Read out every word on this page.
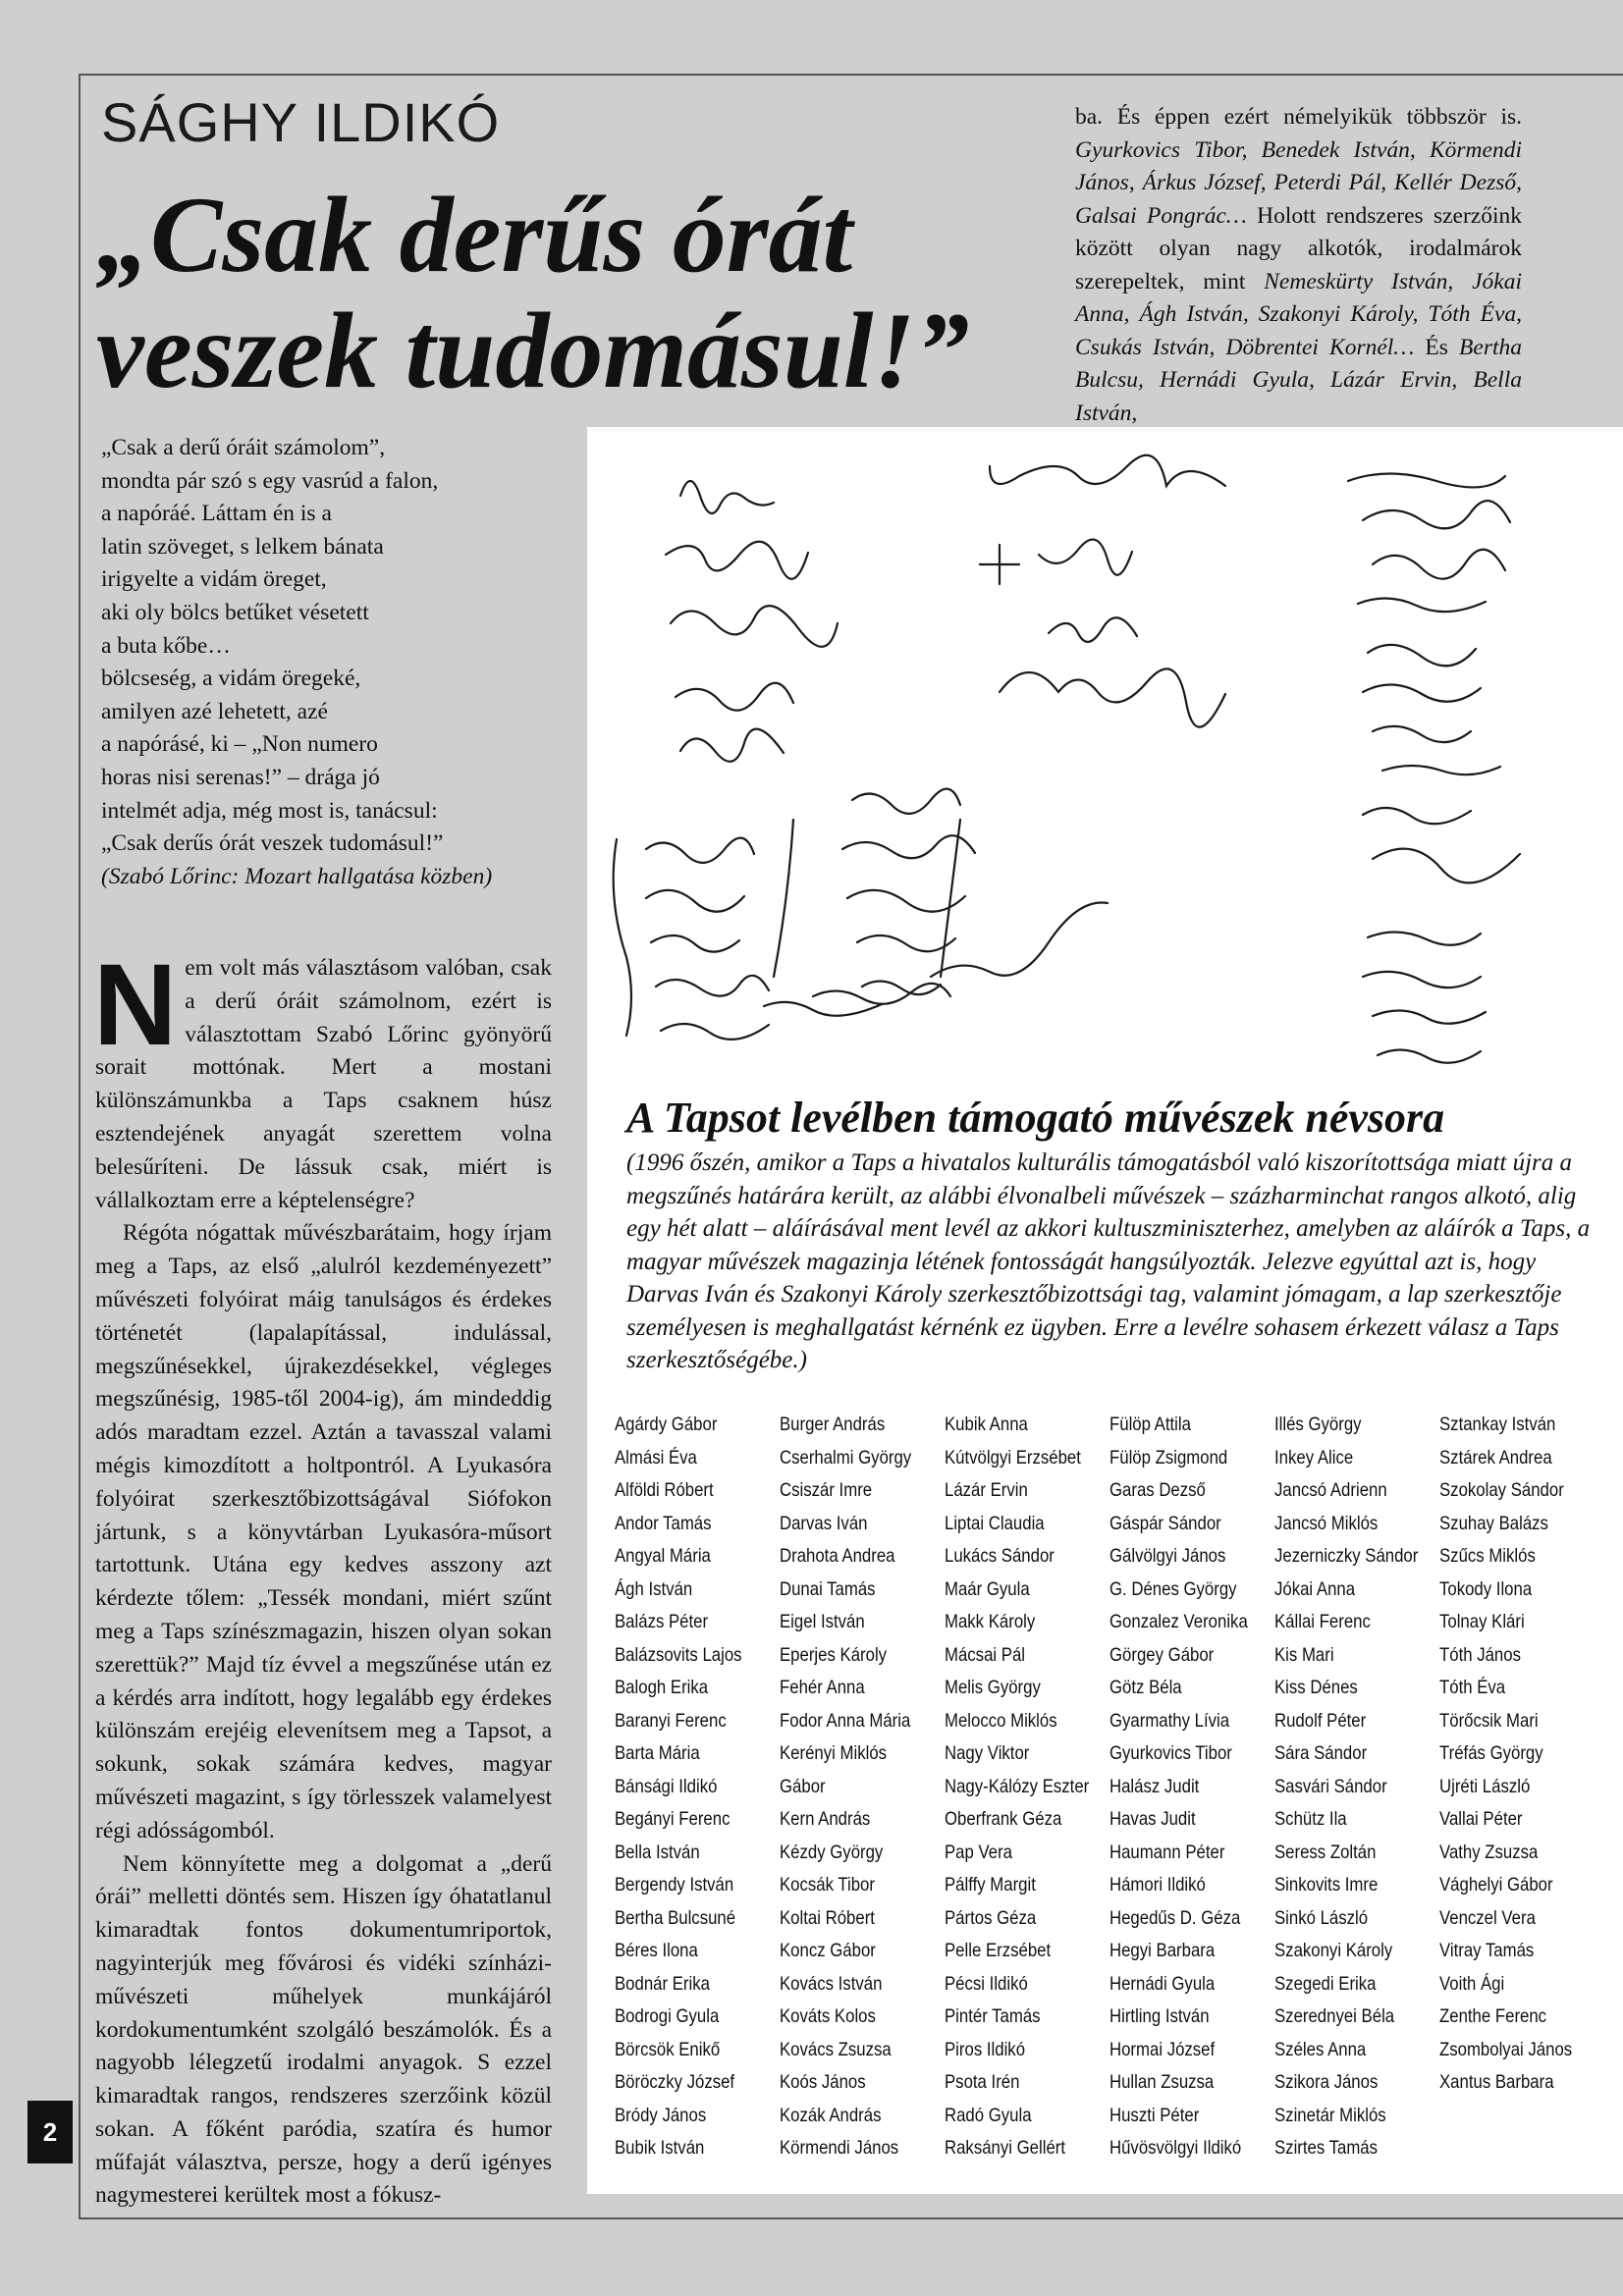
SÁGHY ILDIKÓ
„Csak derűs órát
veszek tudomásul!”
ba. És éppen ezért némelyikük többször is. Gyurkovics Tibor, Benedek István, Körmendi János, Árkus József, Peterdi Pál, Kellér Dezső, Galsai Pongrác… Holott rendszeres szerzőink között olyan nagy alkotók, irodalmárok szerepeltek, mint Nemeskürty István, Jókai Anna, Ágh István, Szakonyi Károly, Tóth Éva, Csukás István, Döbrentei Kornél… És Bertha Bulcsu, Hernádi Gyula, Lázár Ervin, Bella István,
„Csak a derű óráit számolom”,
mondta pár szó s egy vasrúd a falon,
a napóráé. Láttam én is a
latin szöveget, s lelkem bánata
irigyelte a vidám öreget,
aki oly bölcs betűket vésetett
a buta kőbe…
bölcseség, a vidám öregeké,
amilyen azé lehetett, azé
a napórásé, ki – „Non numero
horas nisi serenas!” – drága jó
intelmét adja, még most is, tanácsul:
„Csak derűs órát veszek tudomásul!”
(Szabó Lőrinc: Mozart hallgatása közben)

Nem volt más választásom valóban, csak a derű óráit számolnom, ezért is választottam Szabó Lőrinc gyönyörű sorait mottónak. Mert a mostani különszámunkba a Taps csaknem húsz esztendejének anyagát szerettem volna belesűríteni. De lássuk csak, miért is vállalkoztam erre a képtelenségre?

Régóta nógattak művészbarátaim, hogy írjam meg a Taps, az első „alulról kezdeményezett” művészeti folyóirat máig tanulságos és érdekes történetét (lapalapítással, indulással, megszűnésekkel, újrakezdésekkel, végleges megszűnésig, 1985-től 2004-ig), ám mindeddig adós maradtam ezzel. Aztán a tavasszal valami mégis kimozdított a holtpontról. A Lyukasóra folyóirat szerkesztőbizottságával Siófokon jártunk, s a könyvtárban Lyukasóra-műsort tartottunk. Utána egy kedves asszony azt kérdezte tőlem: „Tessék mondani, miért szűnt meg a Taps színészmagazin, hiszen olyan sokan szerettük?” Majd tíz évvel a megszűnése után ez a kérdés arra indított, hogy legalább egy érdekes különszám erejéig elevenítsem meg a Tapsot, a sokunk, sokak számára kedves, magyar művészeti magazint, s így törlesszek valamelyest régi adósságomból.

Nem könnyítette meg a dolgomat a „derű órái” melletti döntés sem. Hiszen így óhatatlanul kimaradtak fontos dokumentumriportok, nagyinterjúk meg fővárosi és vidéki színházi-művészeti műhelyek munkájáról kordokumentumként szolgáló beszámolók. És a nagyobb lélegzetű irodalmi anyagok. S ezzel kimaradtak rangos, rendszeres szerzőink közül sokan. A főként paródia, szatíra és humor műfaját választva, persze, hogy a derű igényes nagymesterei kerültek most a fókusz-

2
A Tapsot levélben támogató művészek névsora
(1996 őszén, amikor a Taps a hivatalos kulturális támogatásból való kiszorítottsága miatt újra a megszűnés határára került, az alábbi élvonalbeli művészek – százharminchat rangos alkotó, alig egy hét alatt – aláírásával ment levél az akkori kultuszminiszterhez, amelyben az aláírók a Taps, a magyar művészek magazinja létének fontosságát hangsúlyozták. Jelezve egyúttal azt is, hogy Darvas Iván és Szakonyi Károly szerkesztőbizottsági tag, valamint jómagam, a lap szerkesztője személyesen is meghallgatást kérnénk ez ügyben. Erre a levélre sohasem érkezett válasz a Taps szerkesztőségébe.)
Agárdy Gábor
Almási Éva
Alföldi Róbert
Andor Tamás
Angyal Mária
Ágh István
Balázs Péter
Balázsovits Lajos
Balogh Erika
Baranyi Ferenc
Barta Mária
Bánsági Ildikó
Begányi Ferenc
Bella István
Bergendy István
Bertha Bulcsuné
Béres Ilona
Bodnár Erika
Bodrogi Gyula
Börcsök Enikő
Böröczky József
Bródy János
Bubik István
Burger András
Cserhalmi György
Csiszár Imre
Darvas Iván
Drahota Andrea
Dunai Tamás
Eigel István
Eperjes Károly
Fehér Anna
Fodor Anna Mária
Kerényi Miklós
Gábor
Kern András
Kézdy György
Kocsák Tibor
Koltai Róbert
Koncz Gábor
Kovács István
Kováts Kolos
Kovács Zsuzsa
Koós János
Kozák András
Körmendi János
Kubik Anna
Kútvölgyi Erzsébet
Lázár Ervin
Liptai Claudia
Lukács Sándor
Maár Gyula
Makk Károly
Mácsai Pál
Melis György
Melocco Miklós
Nagy Viktor
Nagy-Kálózy Eszter
Oberfrank Géza
Pap Vera
Pálffy Margit
Pártos Géza
Pelle Erzsébet
Pécsi Ildikó
Pintér Tamás
Piros Ildikó
Psota Irén
Radó Gyula
Raksányi Gellért
Fülöp Attila
Fülöp Zsigmond
Garas Dezső
Gáspár Sándor
Gálvölgyi János
G. Dénes György
Gonzalez Veronika
Görgey Gábor
Götz Béla
Gyarmathy Lívia
Gyurkovics Tibor
Halász Judit
Havas Judit
Haumann Péter
Hámori Ildikó
Hegedűs D. Géza
Hegyi Barbara
Hernádi Gyula
Hirtling István
Hormai József
Hullan Zsuzsa
Huszti Péter
Hűvösvölgyi Ildikó
Illés György
Inkey Alice
Jancsó Adrienn
Jancsó Miklós
Jezerniczky Sándor
Jókai Anna
Kállai Ferenc
Kis Mari
Kiss Dénes
Rudolf Péter
Sára Sándor
Sasvári Sándor
Schütz Ila
Seress Zoltán
Sinkovits Imre
Sinkó László
Szakonyi Károly
Szegedi Erika
Szerednyei Béla
Széles Anna
Szikora János
Szinetár Miklós
Szirtes Tamás
Sztankay István
Sztárek Andrea
Szokolay Sándor
Szuhay Balázs
Szűcs Miklós
Tokody Ilona
Tolnay Klári
Tóth János
Tóth Éva
Törőcsik Mari
Tréfás György
Ujréti László
Vallai Péter
Vathy Zsuzsa
Vághelyi Gábor
Venczel Vera
Vitray Tamás
Voith Ági
Zenthe Ferenc
Zsombolyai János
Xantus Barbara
